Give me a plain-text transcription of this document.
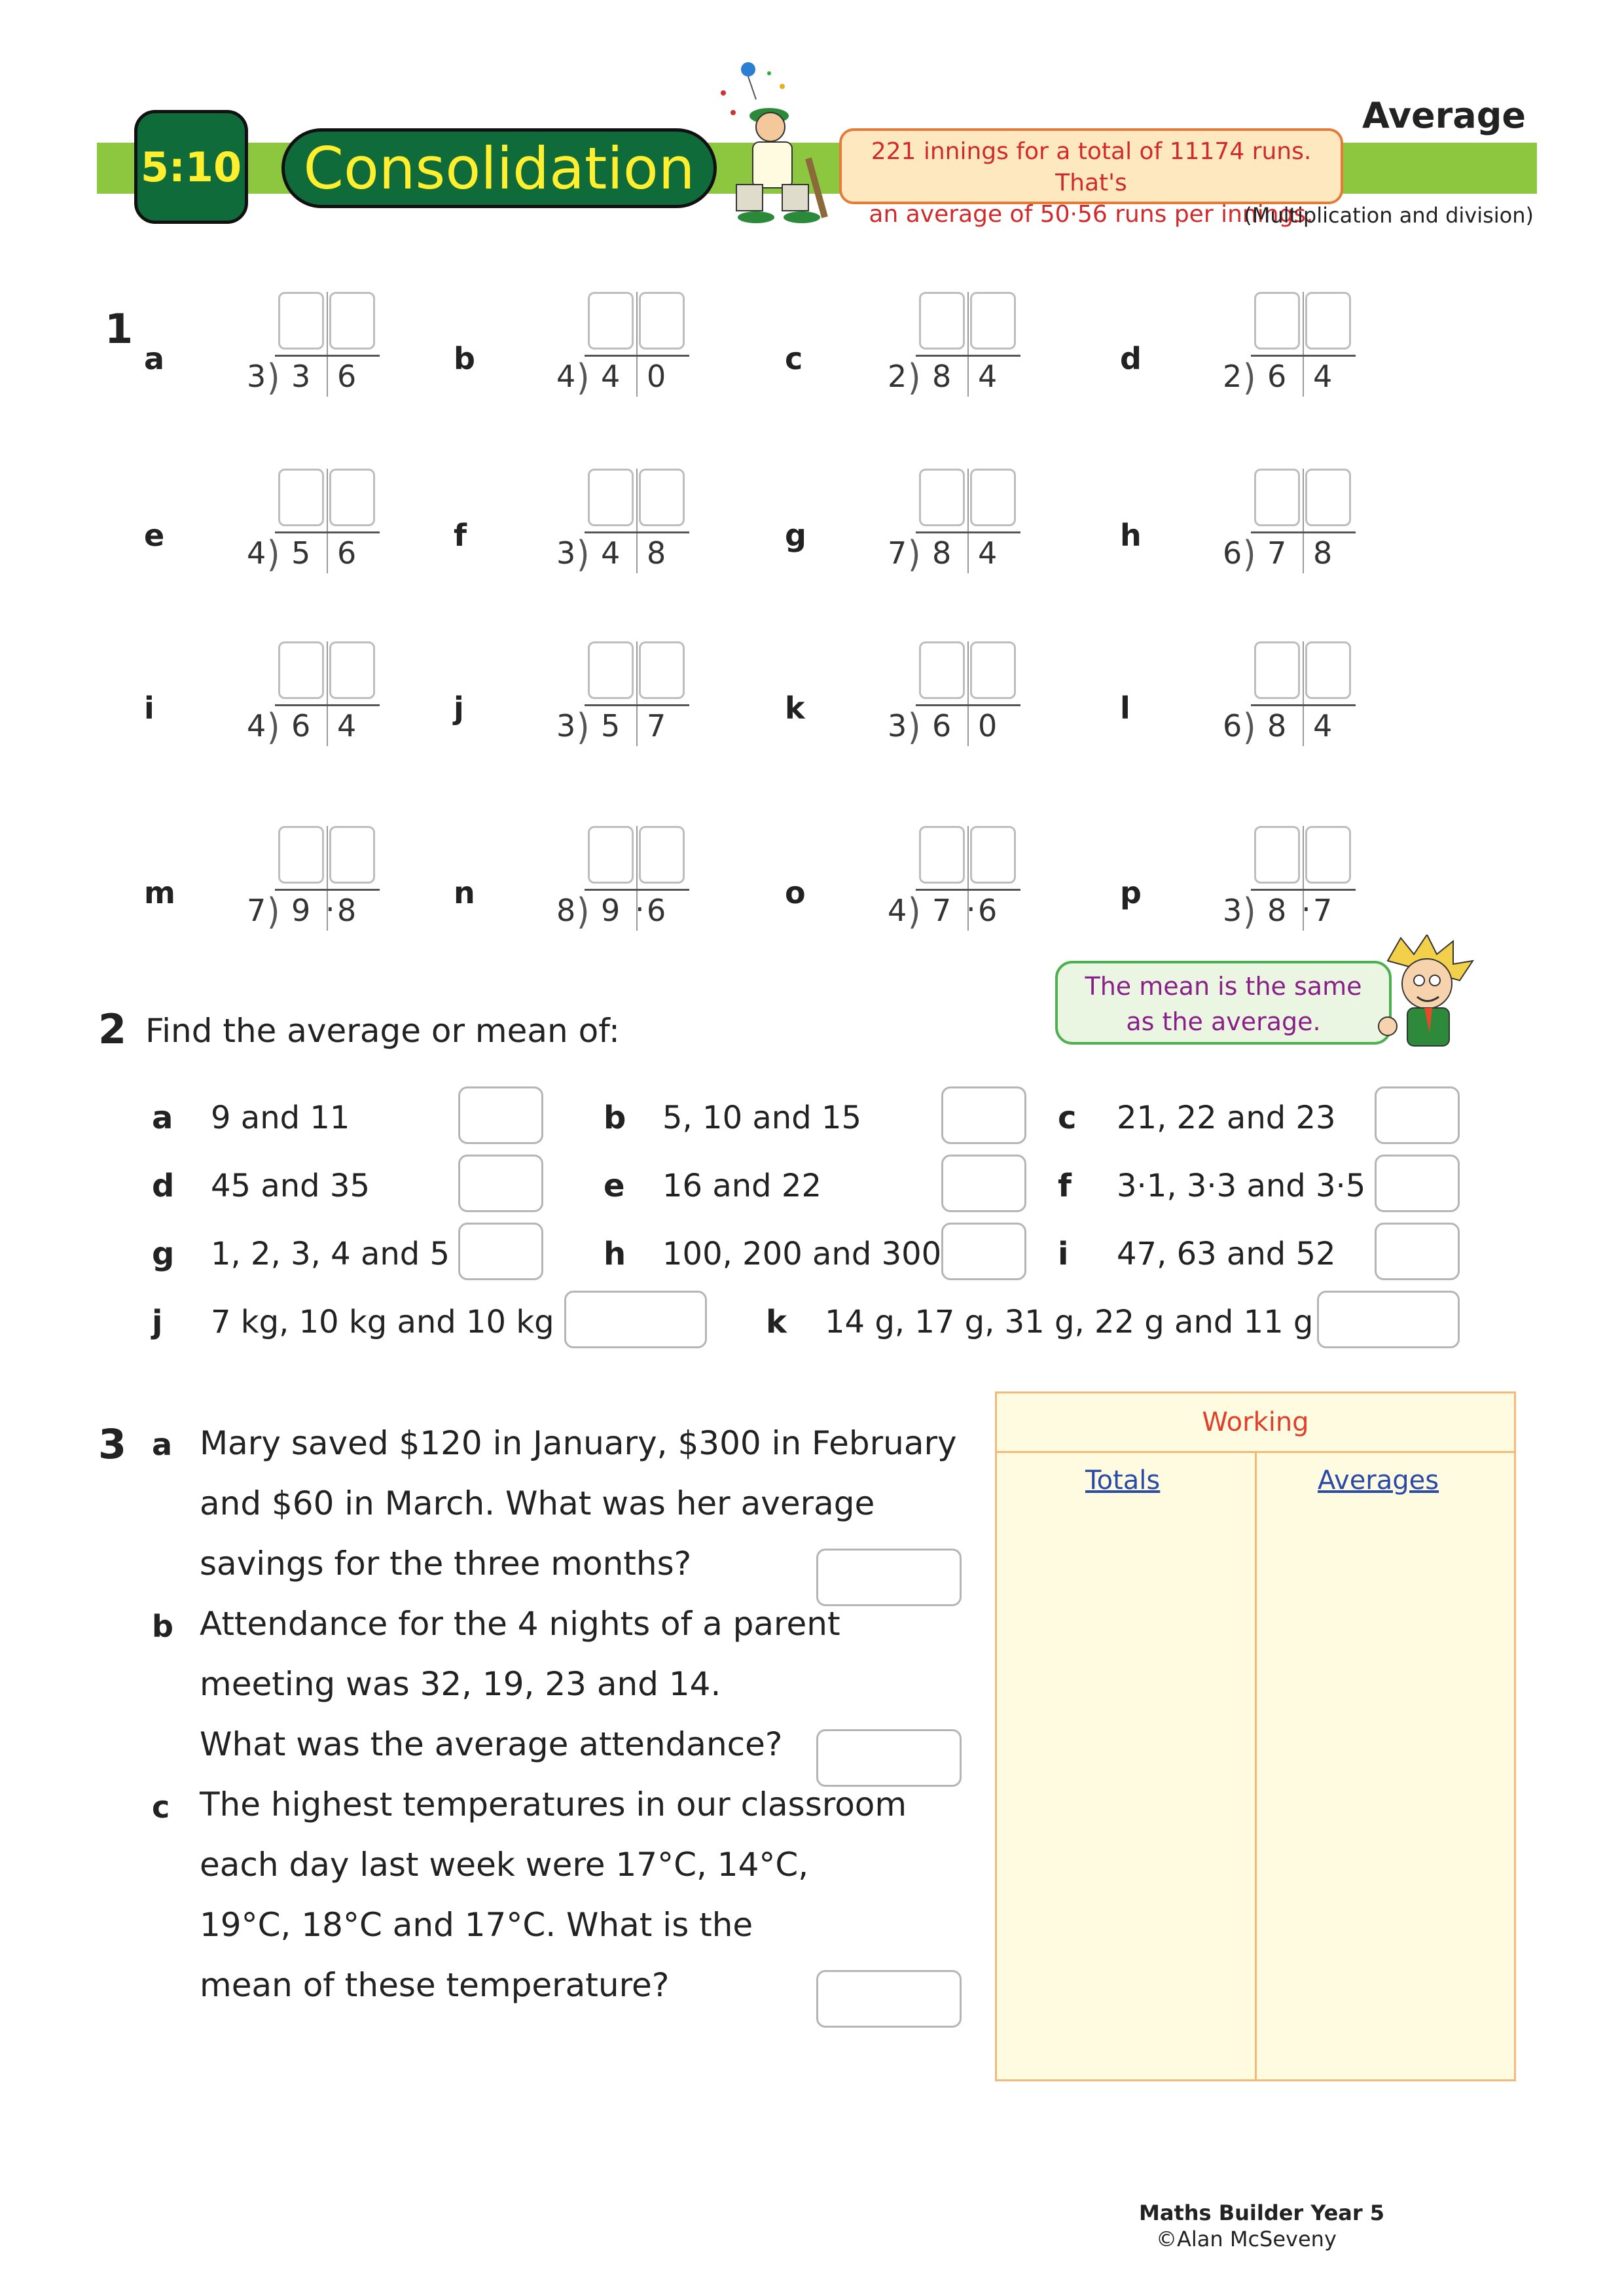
5:10 Consolidation	221 innings for a total of 11174 runs. That's
an average of 50·56 runs per innings.
Average
(Multiplication and division)
1
a	3 ) 3 6	b	4 ) 4 0	c	2 ) 8 4	d	2 ) 6 4
e	4 ) 5 6	f	3 ) 4 8	g	7 ) 8 4	h	6 ) 7 8
i	4 ) 6 4	j	3 ) 5 7	k	3 ) 6 0	l	6 ) 8 4
m 7 ) 9 · 8	n	8 ) 9 · 6	o	4 ) 7 · 6	p	3 ) 8 · 7
2 Find the average or mean of:
The mean is the same
as the average.
a 9 and 11	b 5, 10 and 15	c 21, 22 and 23
d 45 and 35	e 16 and 22	f 3·1, 3·3 and 3·5
g 1, 2, 3, 4 and 5	h 100, 200 and 300	i 47, 63 and 52
j 7 kg, 10 kg and 10 kg	k 14 g, 17 g, 31 g, 22 g and 11 g
3 a Mary saved $120 in January, $300 in February
and $60 in March. What was her average
savings for the three months?
b Attendance for the 4 nights of a parent
meeting was 32, 19, 23 and 14.
What was the average attendance?
c The highest temperatures in our classroom
each day last week were 17°C, 14°C,
19°C, 18°C and 17°C. What is the
mean of these temperature?
Working
Totals	Averages
Maths Builder Year 5
©Alan McSeveny
